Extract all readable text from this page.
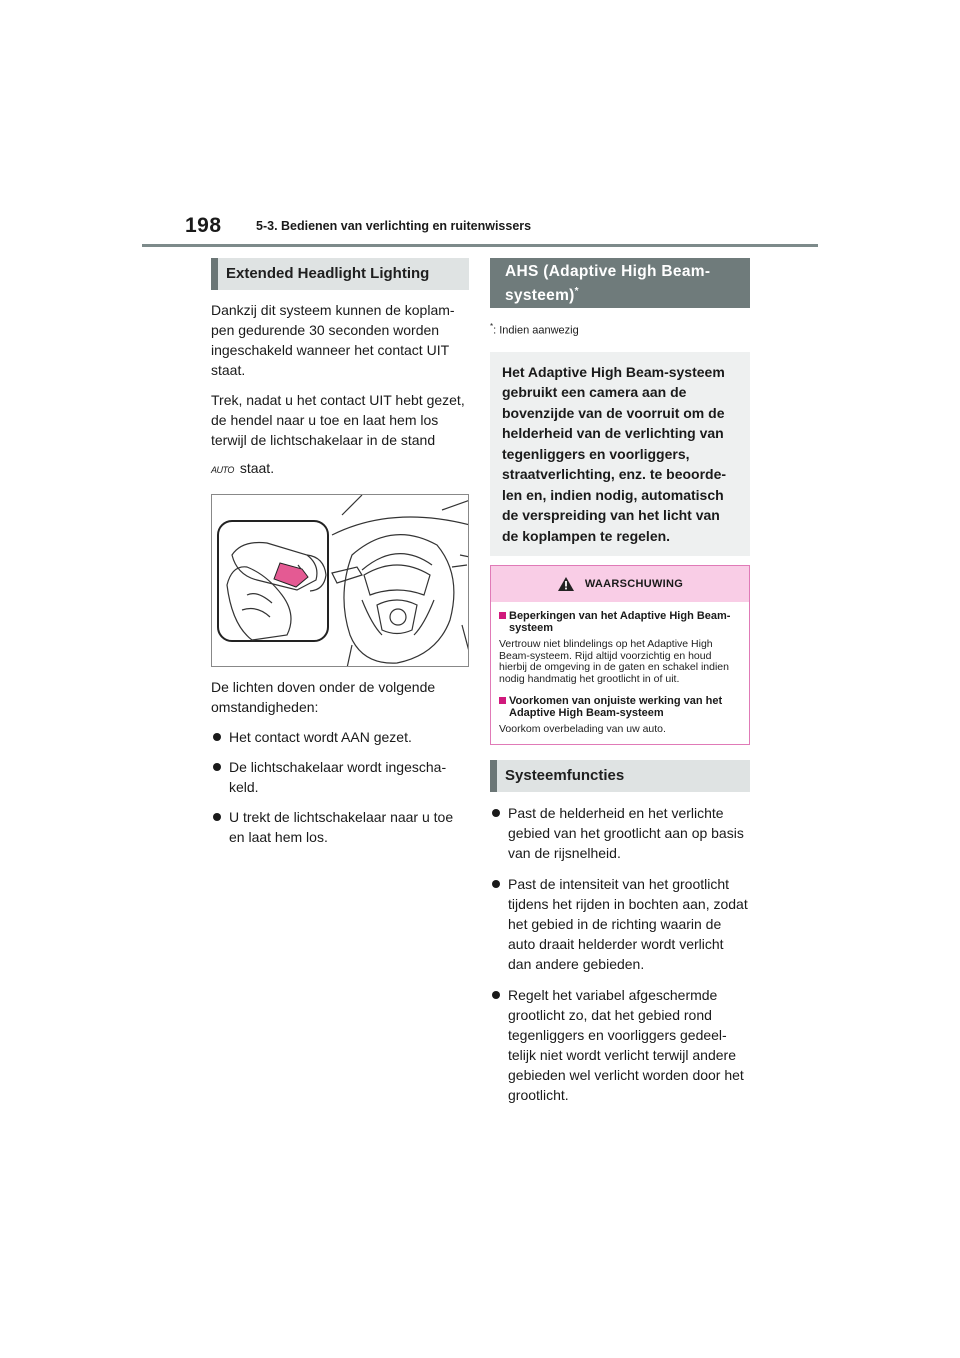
198	5-3. Bedienen van verlichting en ruitenwissers
Extended Headlight Lighting

Dankzij dit systeem kunnen de koplam-pen gedurende 30 seconden worden ingeschakeld wanneer het contact UIT staat.

Trek, nadat u het contact UIT hebt gezet, de hendel naar u toe en laat hem los terwijl de lichtschakelaar in de stand

AUTO staat.

De lichten doven onder de volgende omstandigheden:

Het contact wordt AAN gezet.
De lichtschakelaar wordt ingescha-keld.
U trekt de lichtschakelaar naar u toe en laat hem los.
AHS (Adaptive High Beam-systeem)*

*: Indien aanwezig

Het Adaptive High Beam-systeem gebruikt een camera aan de bovenzijde van de voorruit om de helderheid van de verlichting van tegenliggers en voorliggers, straatverlichting, enz. te beoorde-len en, indien nodig, automatisch de verspreiding van het licht van de koplampen te regelen.
WAARSCHUWING
Beperkingen van het Adaptive High Beam-systeem

Vertrouw niet blindelings op het Adaptive High Beam-systeem. Rijd altijd voorzichtig en houd hierbij de omgeving in de gaten en schakel indien nodig handmatig het grootlicht in of uit.

Voorkomen van onjuiste werking van het Adaptive High Beam-systeem

Voorkom overbelading van uw auto.

Systeemfuncties
Past de helderheid en het verlichte gebied van het grootlicht aan op basis van de rijsnelheid.
Past de intensiteit van het grootlicht tijdens het rijden in bochten aan, zodat het gebied in de richting waarin de auto draait helderder wordt verlicht dan andere gebieden.
Regelt het variabel afgeschermde grootlicht zo, dat het gebied rond tegenliggers en voorliggers gedeel-telijk niet wordt verlicht terwijl andere gebieden wel verlicht worden door het grootlicht.
